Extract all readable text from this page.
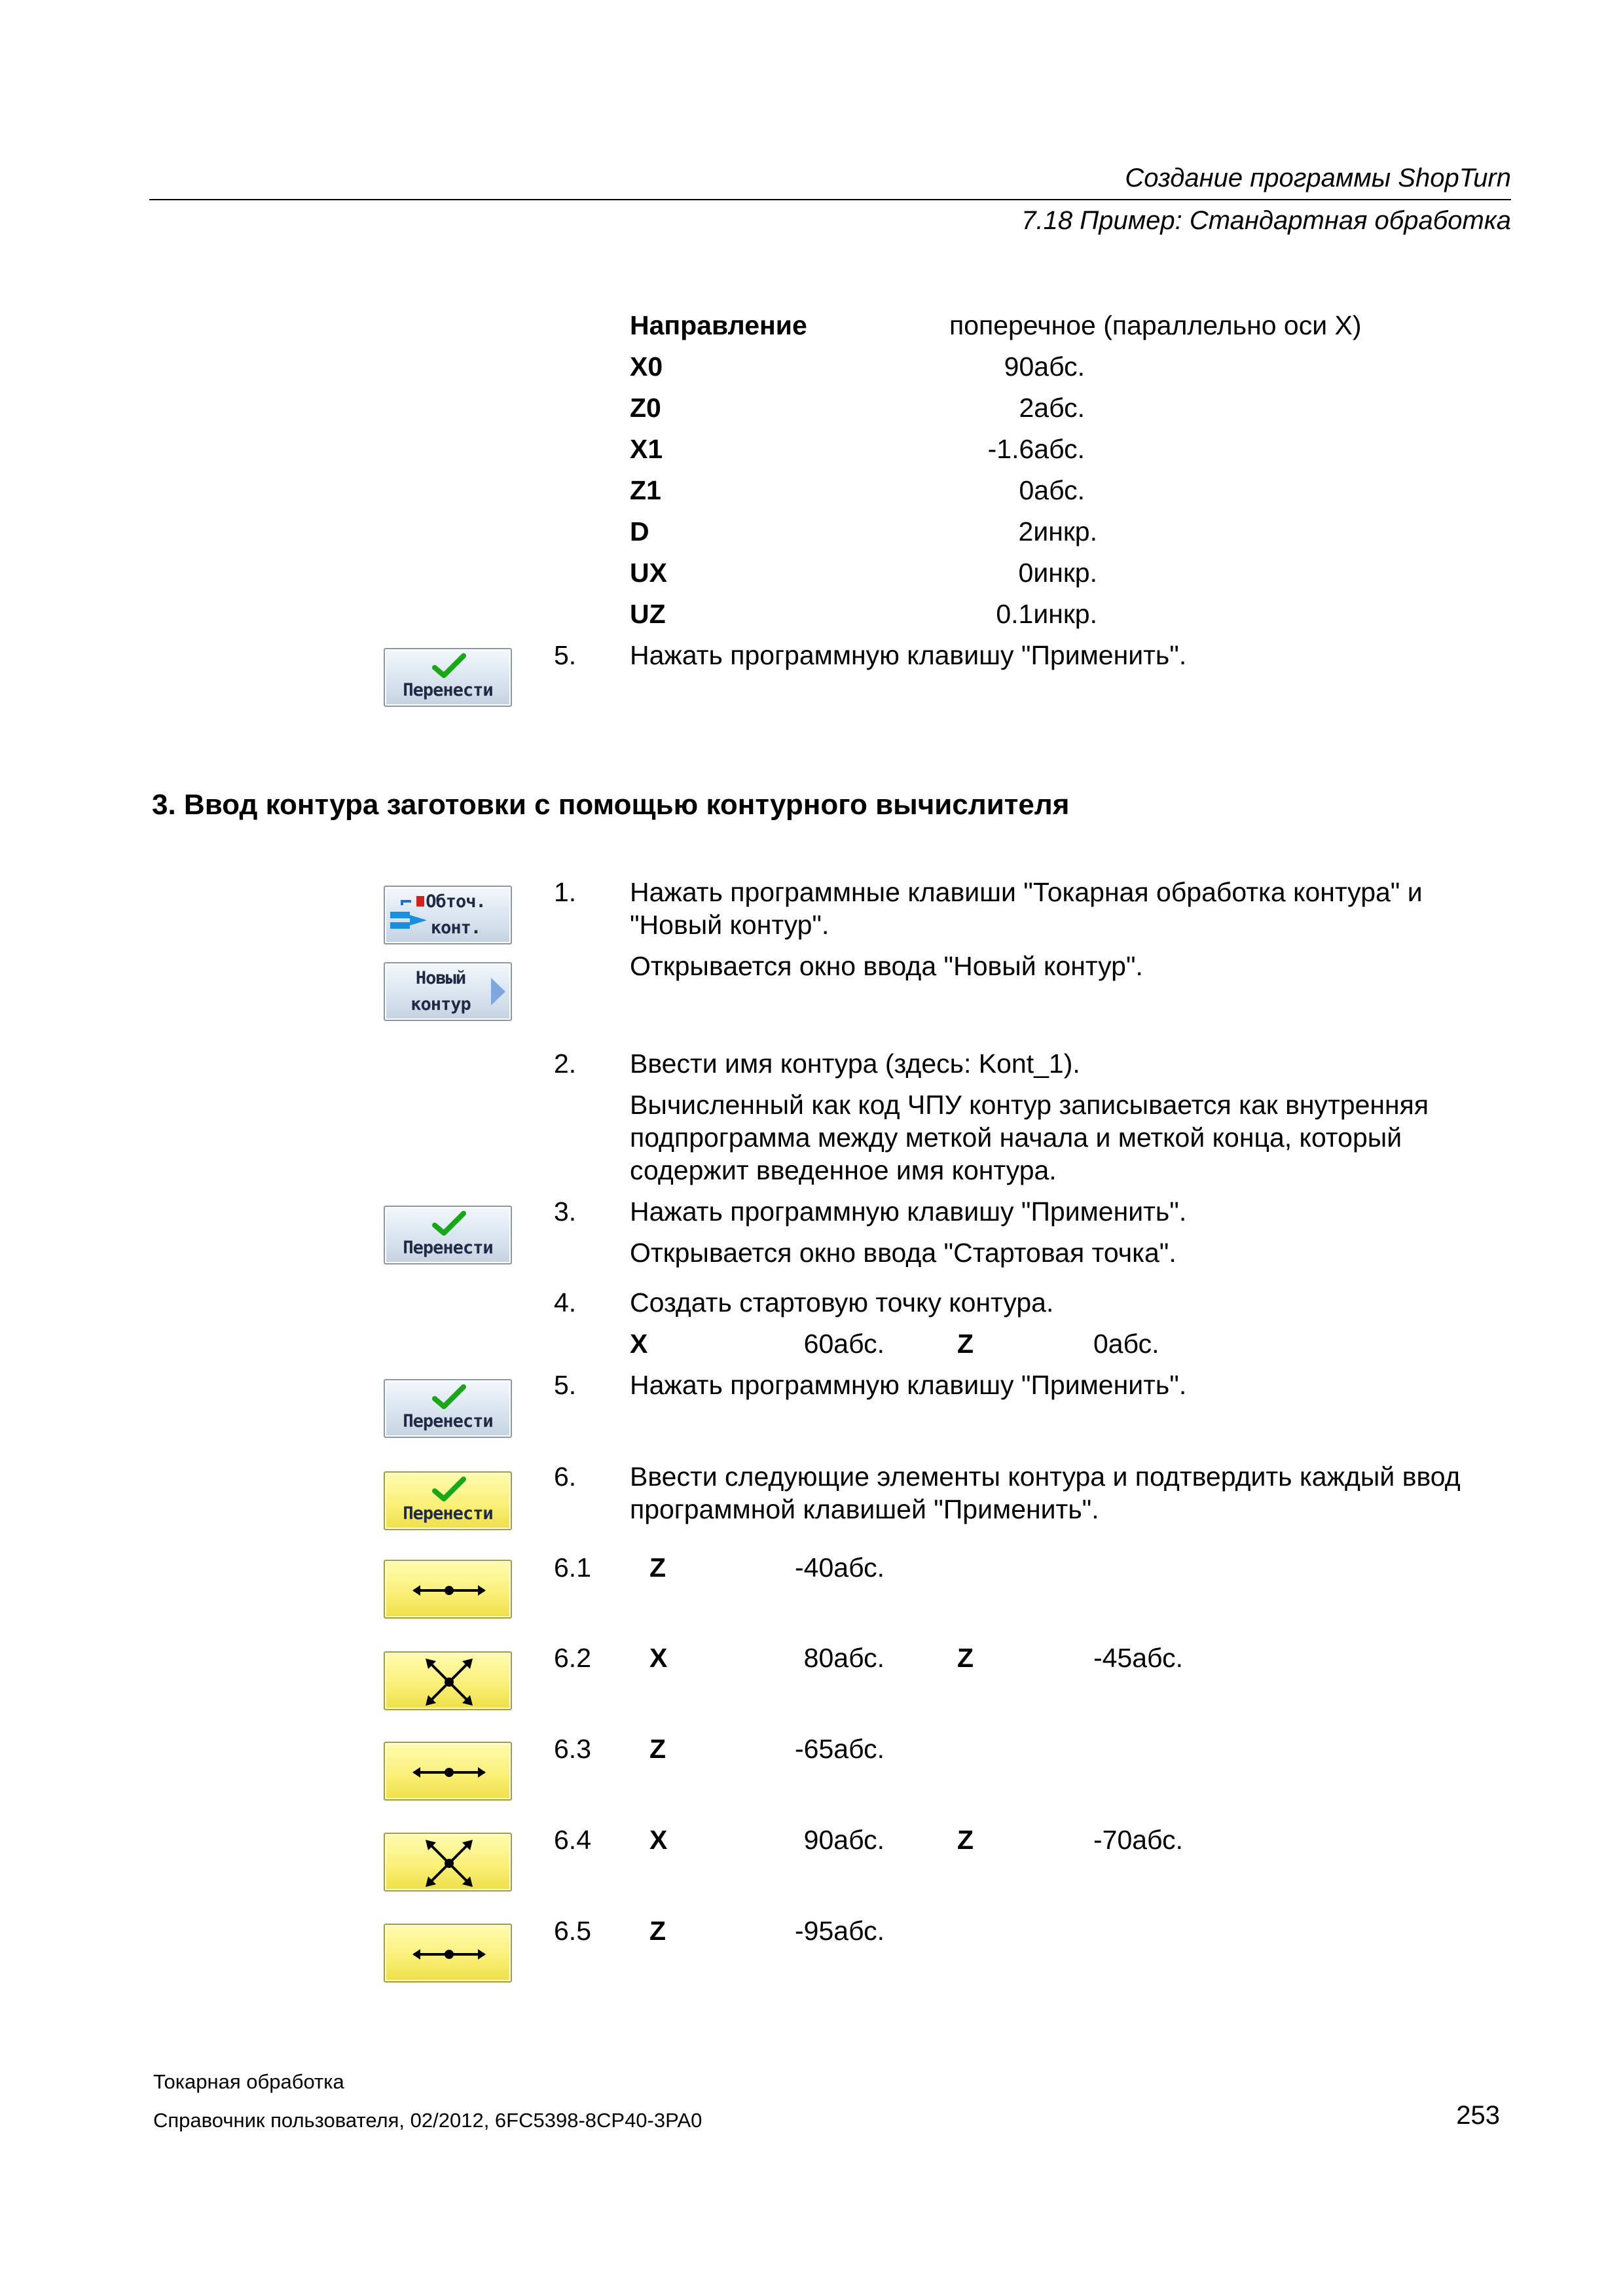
Создание программы ShopTurn
7.18 Пример: Стандартная обработка
Направление	поперечное (параллельно оси X)
X0	90абс.
Z0	2абс.
X1	-1.6абс.
Z1	0абс.
D	2инкр.
UX	0инкр.
UZ	0.1инкр.
Перенести
5. Нажать программную клавишу "Применить".
3. Ввод контура заготовки с помощью контурного вычислителя
Обточ.
конт.
Новый
контур
1. Нажать программные клавиши "Токарная обработка контура" и "Новый контур".
Открывается окно ввода "Новый контур".
2. Ввести имя контура (здесь: Kont_1).
Вычисленный как код ЧПУ контур записывается как внутренняя подпрограмма между меткой начала и меткой конца, который содержит введенное имя контура.
Перенести
3. Нажать программную клавишу "Применить".
Открывается окно ввода "Стартовая точка".
4. Создать стартовую точку контура.
X	60абс.	Z	0абс.
Перенести
5. Нажать программную клавишу "Применить".
Перенести
6. Ввести следующие элементы контура и подтвердить каждый ввод программной клавишей "Применить".
6.1 Z	-40абс.
6.2 X	80абс.	Z	-45абс.
6.3 Z	-65абс.
6.4 X	90абс.	Z	-70абс.
6.5 Z	-95абс.
Токарная обработка
Справочник пользователя, 02/2012, 6FC5398-8CP40-3PA0	253
